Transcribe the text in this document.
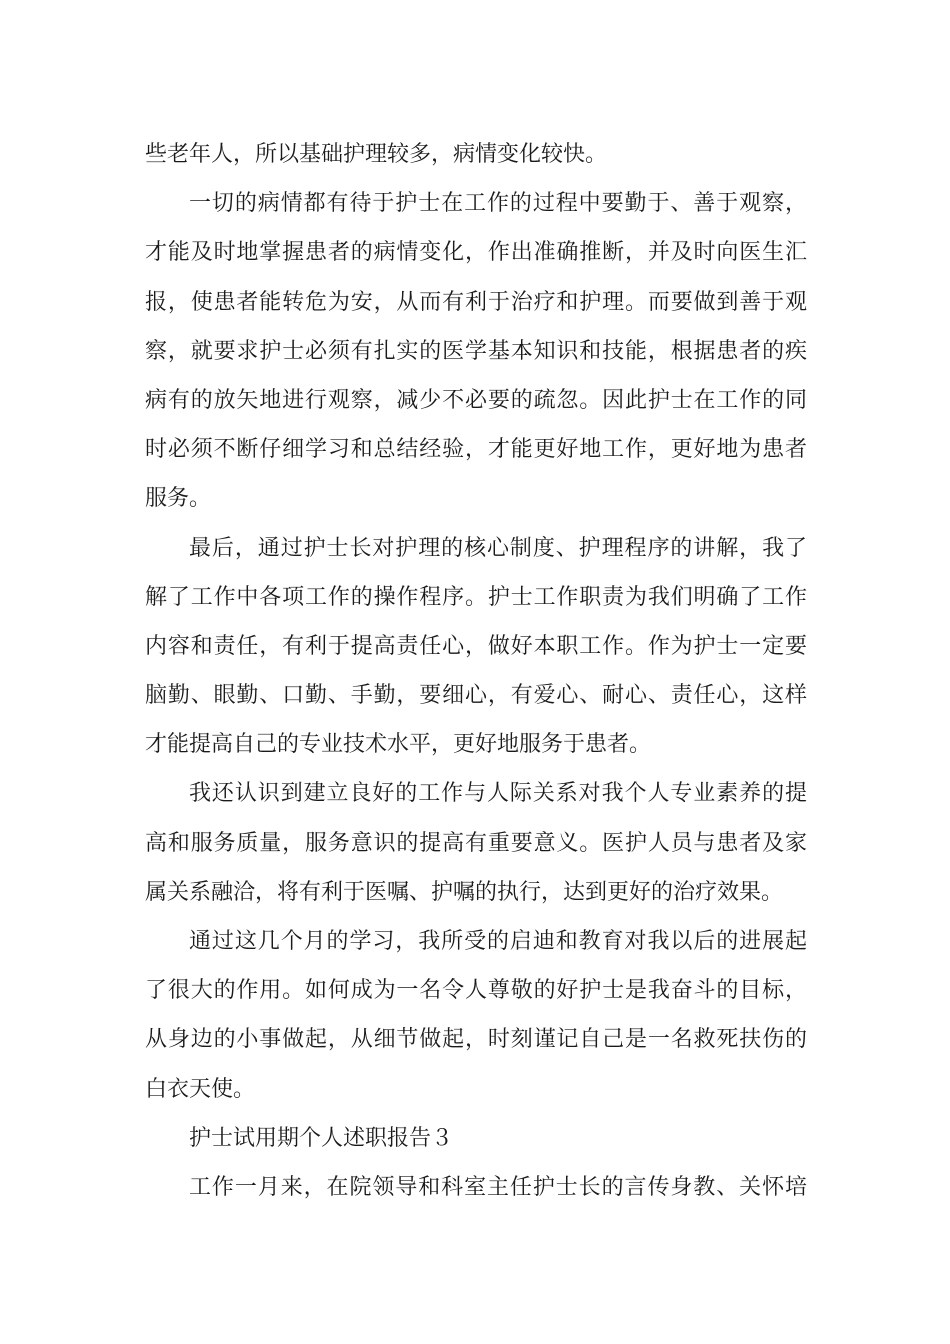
些老年人，所以基础护理较多，病情变化较快。
一切的病情都有待于护士在工作的过程中要勤于、善于观察，
才能及时地掌握患者的病情变化，作出准确推断，并及时向医生汇
报，使患者能转危为安，从而有利于治疗和护理。而要做到善于观
察，就要求护士必须有扎实的医学基本知识和技能，根据患者的疾
病有的放矢地进行观察，减少不必要的疏忽。因此护士在工作的同
时必须不断仔细学习和总结经验，才能更好地工作，更好地为患者
服务。
最后，通过护士长对护理的核心制度、护理程序的讲解，我了
解了工作中各项工作的操作程序。护士工作职责为我们明确了工作
内容和责任，有利于提高责任心，做好本职工作。作为护士一定要
脑勤、眼勤、口勤、手勤，要细心，有爱心、耐心、责任心，这样
才能提高自己的专业技术水平，更好地服务于患者。
我还认识到建立良好的工作与人际关系对我个人专业素养的提
高和服务质量，服务意识的提高有重要意义。医护人员与患者及家
属关系融洽，将有利于医嘱、护嘱的执行，达到更好的治疗效果。
通过这几个月的学习，我所受的启迪和教育对我以后的进展起
了很大的作用。如何成为一名令人尊敬的好护士是我奋斗的目标，
从身边的小事做起，从细节做起，时刻谨记自己是一名救死扶伤的
白衣天使。
护士试用期个人述职报告３
工作一月来，在院领导和科室主任护士长的言传身教、关怀培
